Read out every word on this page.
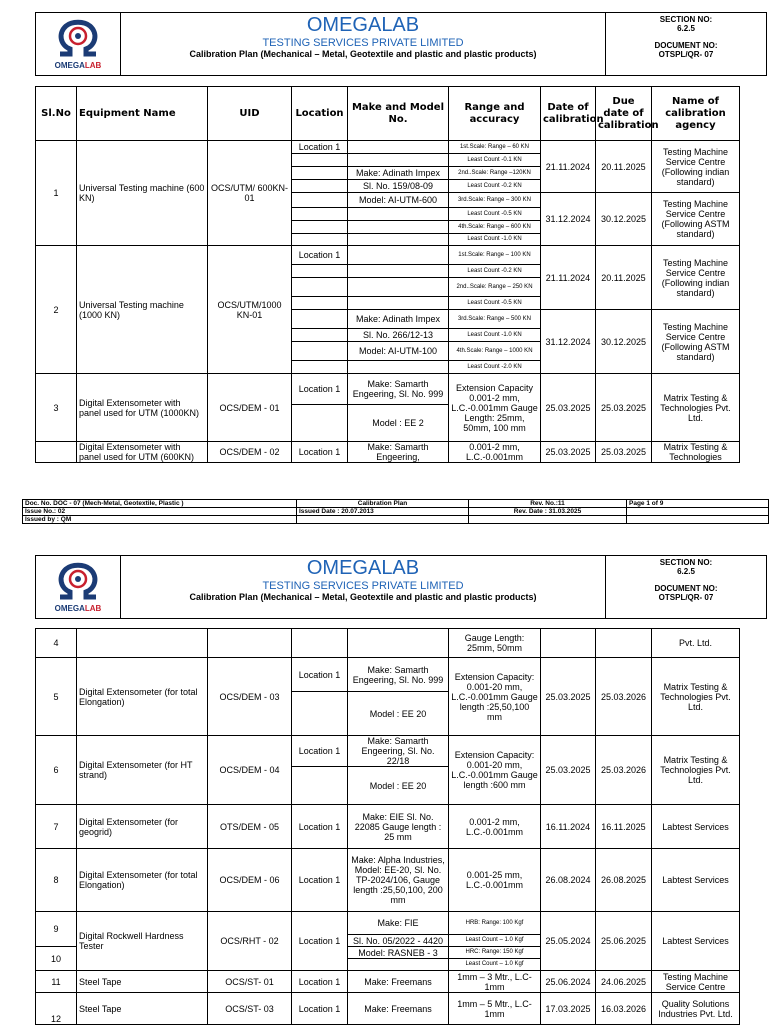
OMEGALAB
OMEGALAB
TESTING SERVICES PRIVATE LIMITED
Calibration Plan (Mechanical – Metal, Geotextile and plastic and plastic products)
SECTION NO:
6.2.5
DOCUMENT NO:
OTSPL/QR- 07
Sl.No	Equipment Name	UID	Location	Make and Model No.	Range and accuracy	Date of calibration	Due date of calibration	Name of calibration agency
1	Universal Testing machine (600 KN)	OCS/UTM/ 600KN-01	Location 1		1st.Scale: Range – 60 KN	21.11.2024	20.11.2025	Testing Machine Service Centre (Following indian standard)
					Least Count -0.1 KN			
				Make: Adinath Impex	2nd..Scale: Range –120KN			
				Sl. No. 159/08-09	Least Count -0.2 KN			
				Model: AI-UTM-600	3rd.Scale: Range – 300 KN	31.12.2024	30.12.2025	Testing Machine Service Centre (Following ASTM standard)
					Least Count -0.5 KN			
					4th.Scale: Range – 600 KN			
					Least Count -1.0 KN			
2	Universal Testing machine (1000 KN)	OCS/UTM/1000 KN-01	Location 1		1st.Scale: Range – 100 KN	21.11.2024	20.11.2025	Testing Machine Service Centre (Following indian standard)
					Least Count -0.2 KN			
					2nd..Scale: Range – 250 KN			
					Least Count -0.5 KN			
				Make: Adinath Impex	3rd.Scale: Range – 500 KN	31.12.2024	30.12.2025	Testing Machine Service Centre (Following ASTM standard)
				Sl. No. 266/12-13	Least Count -1.0 KN			
				Model: AI-UTM-100	4th.Scale: Range – 1000 KN			
					Least Count -2.0 KN			
3	Digital Extensometer with panel used for UTM (1000KN)	OCS/DEM - 01	Location 1	Make: Samarth Engeering, Sl. No. 999	Extension Capacity 0.001-2 mm, L.C.-0.001mm Gauge Length: 25mm, 50mm, 100 mm	25.03.2025	25.03.2025	Matrix Testing & Technologies Pvt. Ltd.
				Model : EE 2				
	Digital Extensometer with panel used for UTM (600KN)	OCS/DEM - 02	Location 1	Make: Samarth Engeering,	0.001-2 mm, L.C.-0.001mm	25.03.2025	25.03.2025	Matrix Testing & Technologies
Doc. No. DOC - 07 (Mech-Metal, Geotextile, Plastic )	Calibration Plan	Rev. No.:11	Page 1 of 9
Issue No.: 02	Issued Date : 20.07.2013	Rev. Date : 31.03.2025	
Issued by : QM			
OMEGALAB
OMEGALAB
TESTING SERVICES PRIVATE LIMITED
Calibration Plan (Mechanical – Metal, Geotextile and plastic and plastic products)
SECTION NO:
6.2.5
DOCUMENT NO:
OTSPL/QR- 07
4					Gauge Length: 25mm, 50mm			Pvt. Ltd.
5	Digital Extensometer (for total Elongation)	OCS/DEM - 03	Location 1	Make: Samarth Engeering, Sl. No. 999	Extension Capacity: 0.001-20 mm, L.C.-0.001mm Gauge length :25,50,100 mm	25.03.2025	25.03.2026	Matrix Testing & Technologies Pvt. Ltd.
				Model : EE 20				
6	Digital Extensometer (for HT strand)	OCS/DEM - 04	Location 1	Make: Samarth Engeering, Sl. No. 22/18	Extension Capacity: 0.001-20 mm, L.C.-0.001mm Gauge length :600 mm	25.03.2025	25.03.2026	Matrix Testing & Technologies Pvt. Ltd.
				Model : EE 20				
7	Digital Extensometer (for geogrid)	OTS/DEM - 05	Location 1	Make: EIE Sl. No. 22085 Gauge length : 25 mm	0.001-2 mm, L.C.-0.001mm	16.11.2024	16.11.2025	Labtest Services
8	Digital Extensometer (for total Elongation)	OCS/DEM - 06	Location 1	Make: Alpha Industries, Model: EE-20, Sl. No. TP-2024/106, Gauge length :25,50,100, 200 mm	0.001-25 mm, L.C.-0.001mm	26.08.2024	26.08.2025	Labtest Services
9	Digital Rockwell Hardness Tester	OCS/RHT - 02	Location 1	Make: FIE	HRB: Range: 100 Kgf	25.05.2024	25.06.2025	Labtest Services
				Sl. No. 05/2022 - 4420	Least Count – 1.0 Kgf			
10				Model: RASNEB - 3	HRC: Range: 150 Kgf			
					Least Count – 1.0 Kgf			
11	Steel Tape	OCS/ST- 01	Location 1	Make: Freemans	1mm – 3 Mtr., L.C-1mm	25.06.2024	24.06.2025	Testing Machine Service Centre
12	Steel Tape	OCS/ST- 03	Location 1	Make: Freemans	1mm – 5 Mtr., L.C-1mm	17.03.2025	16.03.2026	Quality Solutions Industries Pvt. Ltd.
